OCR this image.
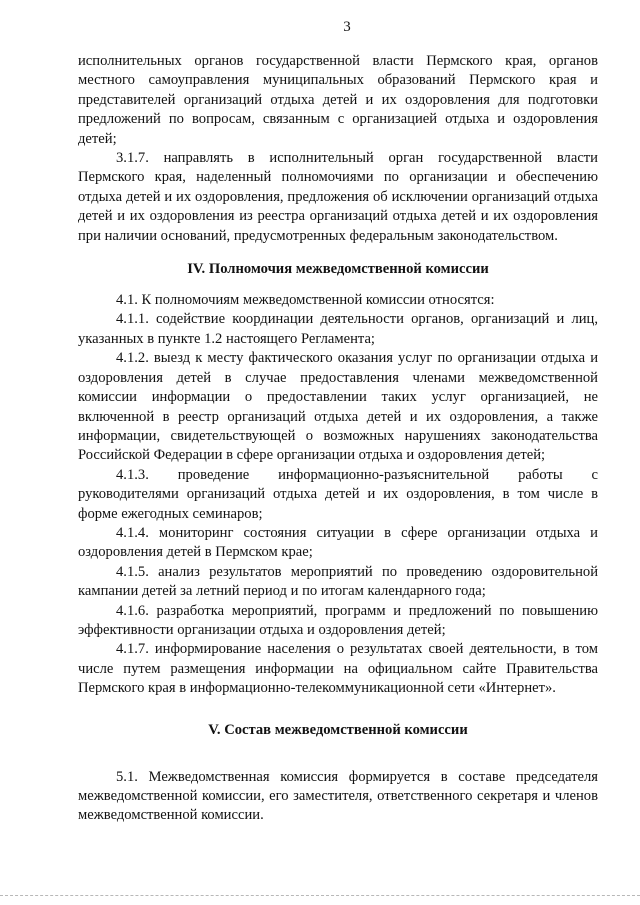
3

исполнительных органов государственной власти Пермского края, органов местного самоуправления муниципальных образований Пермского края и представителей организаций отдыха детей и их оздоровления для подготовки предложений по вопросам, связанным с организацией отдыха и оздоровления детей;

3.1.7. направлять в исполнительный орган государственной власти Пермского края, наделенный полномочиями по организации и обеспечению отдыха детей и их оздоровления, предложения об исключении организаций отдыха детей и их оздоровления из реестра организаций отдыха детей и их оздоровления при наличии оснований, предусмотренных федеральным законодательством.

IV. Полномочия межведомственной комиссии

4.1. К полномочиям межведомственной комиссии относятся:

4.1.1. содействие координации деятельности органов, организаций и лиц, указанных в пункте 1.2 настоящего Регламента;

4.1.2. выезд к месту фактического оказания услуг по организации отдыха и оздоровления детей в случае предоставления членами межведомственной комиссии информации о предоставлении таких услуг организацией, не включенной в реестр организаций отдыха детей и их оздоровления, а также информации, свидетельствующей о возможных нарушениях законодательства Российской Федерации в сфере организации отдыха и оздоровления детей;

4.1.3. проведение информационно-разъяснительной работы с руководителями организаций отдыха детей и их оздоровления, в том числе в форме ежегодных семинаров;

4.1.4. мониторинг состояния ситуации в сфере организации отдыха и оздоровления детей в Пермском крае;

4.1.5. анализ результатов мероприятий по проведению оздоровительной кампании детей за летний период и по итогам календарного года;

4.1.6. разработка мероприятий, программ и предложений по повышению эффективности организации отдыха и оздоровления детей;

4.1.7. информирование населения о результатах своей деятельности, в том числе путем размещения информации на официальном сайте Правительства Пермского края в информационно-телекоммуникационной сети «Интернет».

V. Состав межведомственной комиссии

5.1. Межведомственная комиссия формируется в составе председателя межведомственной комиссии, его заместителя, ответственного секретаря и членов межведомственной комиссии.
